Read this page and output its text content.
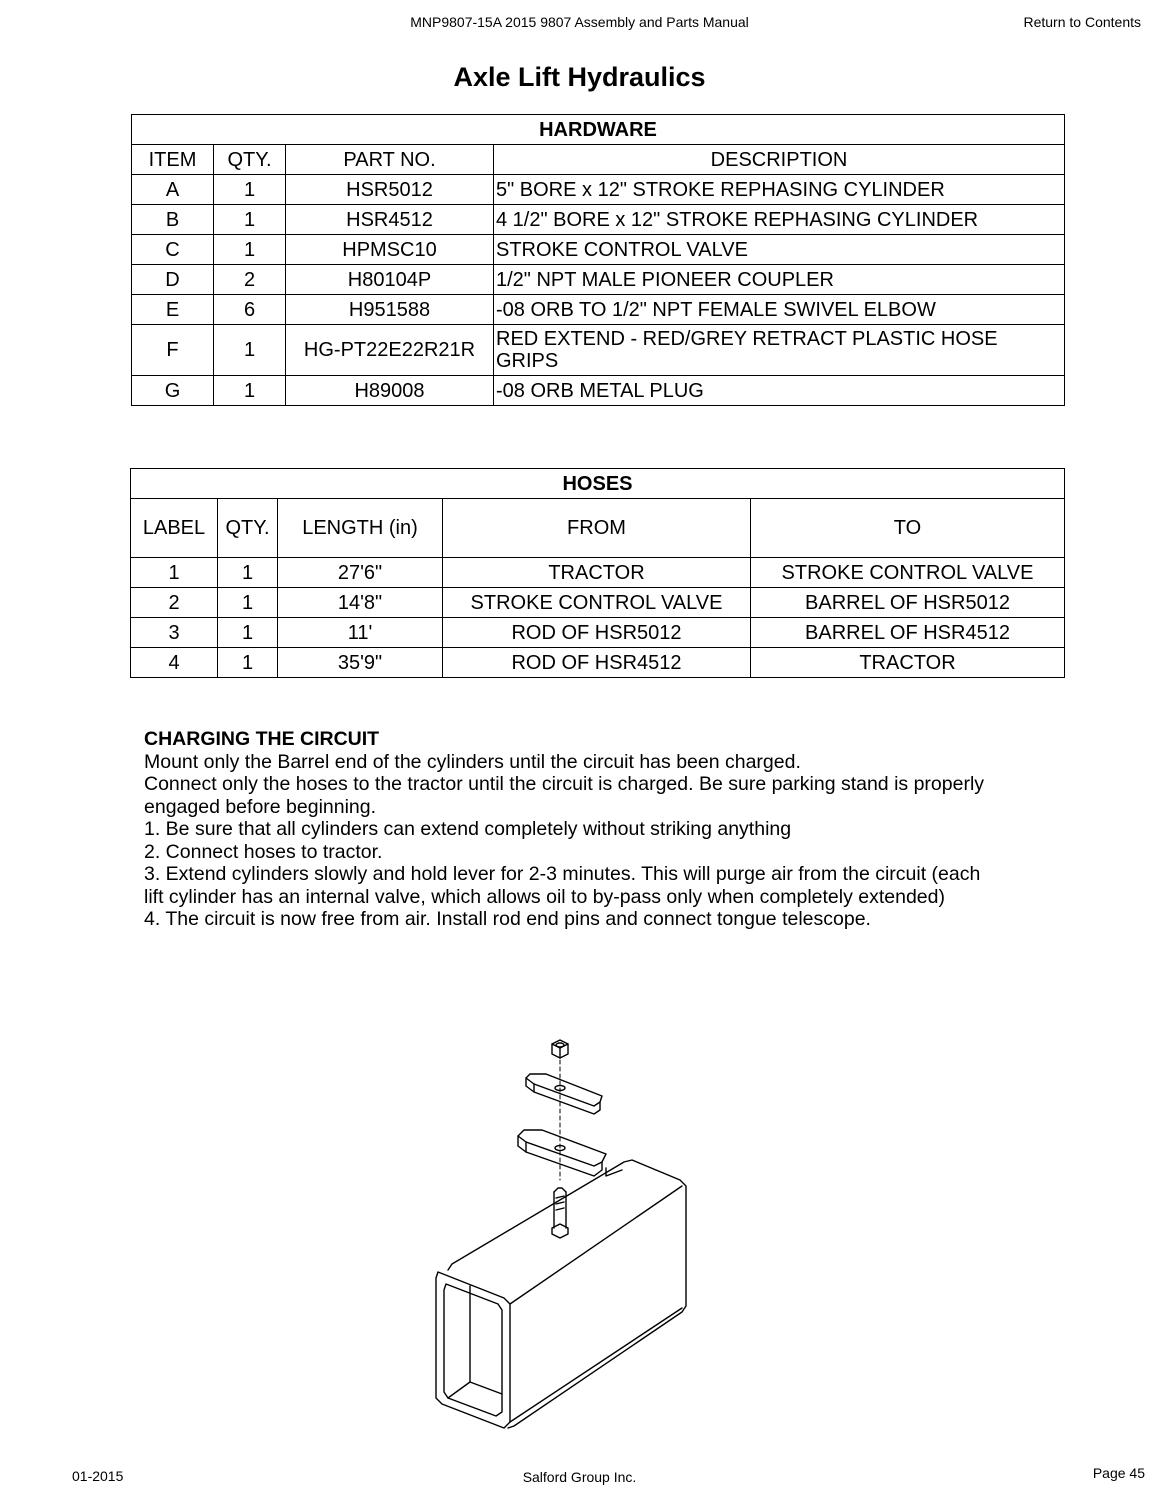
MNP9807-15A 2015 9807 Assembly and Parts Manual	Return to Contents
Axle Lift Hydraulics
HARDWARE			
ITEM	QTY.	PART NO.	DESCRIPTION
A	1	HSR5012	5" BORE x 12" STROKE REPHASING CYLINDER
B	1	HSR4512	4 1/2" BORE x 12" STROKE REPHASING CYLINDER
C	1	HPMSC10	STROKE CONTROL VALVE
D	2	H80104P	1/2" NPT MALE PIONEER COUPLER
E	6	H951588	-08 ORB TO 1/2" NPT FEMALE SWIVEL ELBOW
F	1	HG-PT22E22R21R	RED EXTEND - RED/GREY RETRACT PLASTIC HOSE GRIPS
G	1	H89008	-08 ORB METAL PLUG
HOSES				
LABEL	QTY.	LENGTH (in)	FROM	TO
1	1	27'6"	TRACTOR	STROKE CONTROL VALVE
2	1	14'8"	STROKE CONTROL VALVE	BARREL OF HSR5012
3	1	11'	ROD OF HSR5012	BARREL OF HSR4512
4	1	35'9"	ROD OF HSR4512	TRACTOR

CHARGING THE CIRCUIT

Mount only the Barrel end of the cylinders until the circuit has been charged.

Connect only the hoses to the tractor until the circuit is charged. Be sure parking stand is properly engaged before beginning.

1. Be sure that all cylinders can extend completely without striking anything

2. Connect hoses to tractor.

3. Extend cylinders slowly and hold lever for 2-3 minutes. This will purge air from the circuit (each lift cylinder has an internal valve, which allows oil to by-pass only when completely extended)

4. The circuit is now free from air. Install rod end pins and connect tongue telescope.

01-2015	Salford Group Inc.	Page 45
